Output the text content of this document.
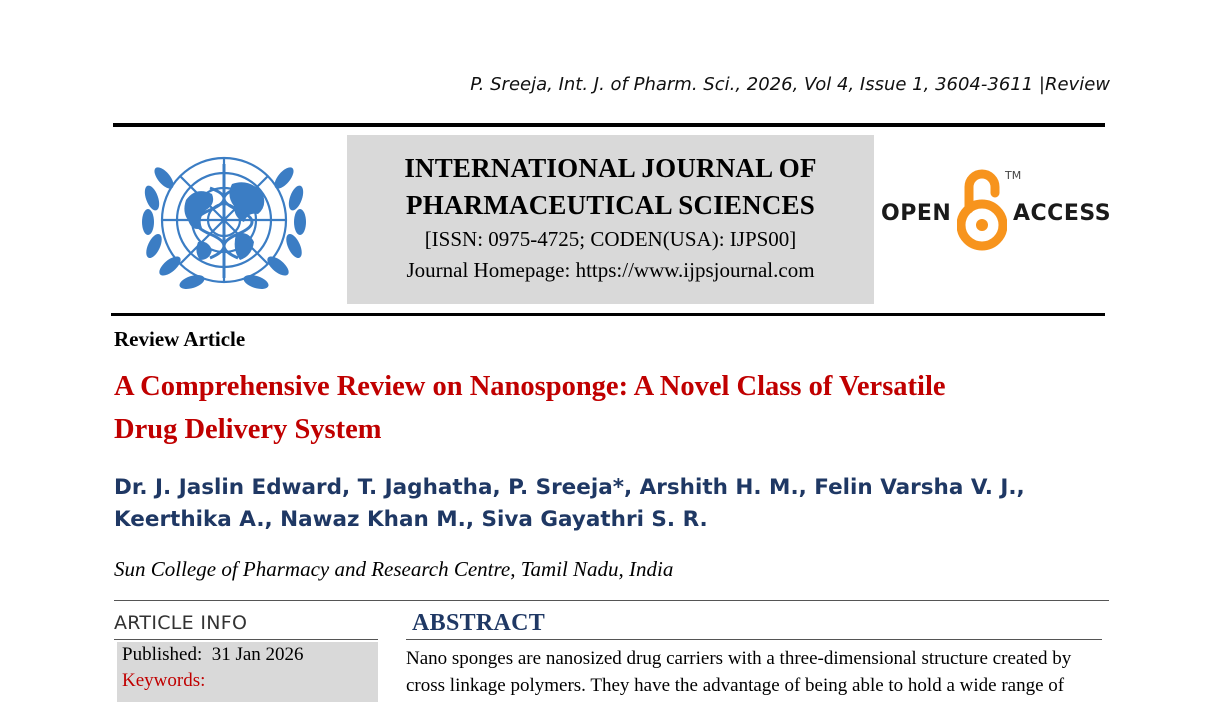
P. Sreeja, Int. J. of Pharm. Sci., 2026, Vol 4, Issue 1, 3604-3611 |Review
INTERNATIONAL JOURNAL OF
PHARMACEUTICAL SCIENCES
[ISSN: 0975-4725; CODEN(USA): IJPS00]
Journal Homepage: https://www.ijpsjournal.com
OPEN
TM
ACCESS
Review Article
A Comprehensive Review on Nanosponge: A Novel Class of Versatile
Drug Delivery System
Dr. J. Jaslin Edward, T. Jaghatha, P. Sreeja*, Arshith H. M., Felin Varsha V. J.,
Keerthika A., Nawaz Khan M., Siva Gayathri S. R.
Sun College of Pharmacy and Research Centre, Tamil Nadu, India
ARTICLE INFO
Published: 31 Jan 2026
Keywords:
ABSTRACT
Nano sponges are nanosized drug carriers with a three-dimensional structure created by
cross linkage polymers. They have the advantage of being able to hold a wide range of
